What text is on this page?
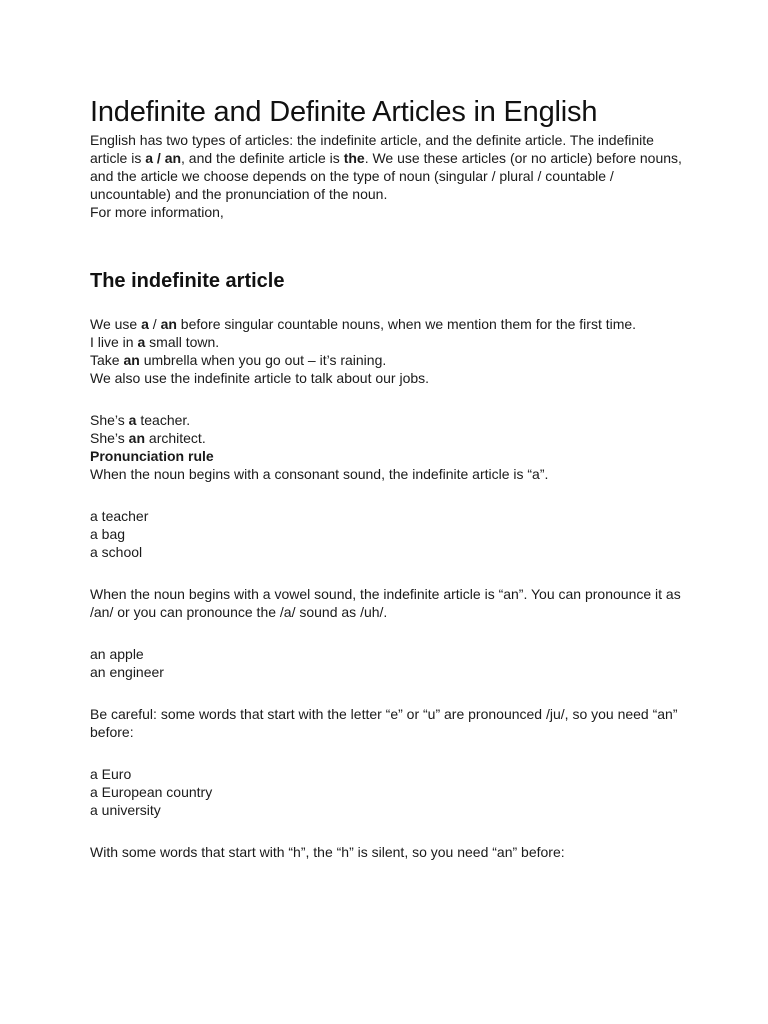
Indefinite and Definite Articles in English

English has two types of articles: the indefinite article, and the definite article. The indefinite article is a / an, and the definite article is the. We use these articles (or no article) before nouns, and the article we choose depends on the type of noun (singular / plural / countable / uncountable) and the pronunciation of the noun.
For more information,

The indefinite article

We use a / an before singular countable nouns, when we mention them for the first time.
I live in a small town.
Take an umbrella when you go out – it’s raining.
We also use the indefinite article to talk about our jobs.

She’s a teacher.
She’s an architect.
Pronunciation rule
When the noun begins with a consonant sound, the indefinite article is “a”.

a teacher
a bag
a school

When the noun begins with a vowel sound, the indefinite article is “an”. You can pronounce it as /an/ or you can pronounce the /a/ sound as /uh/.

an apple
an engineer

Be careful: some words that start with the letter “e” or “u” are pronounced /ju/, so you need “an” before:

a Euro
a European country
a university

With some words that start with “h”, the “h” is silent, so you need “an” before:
